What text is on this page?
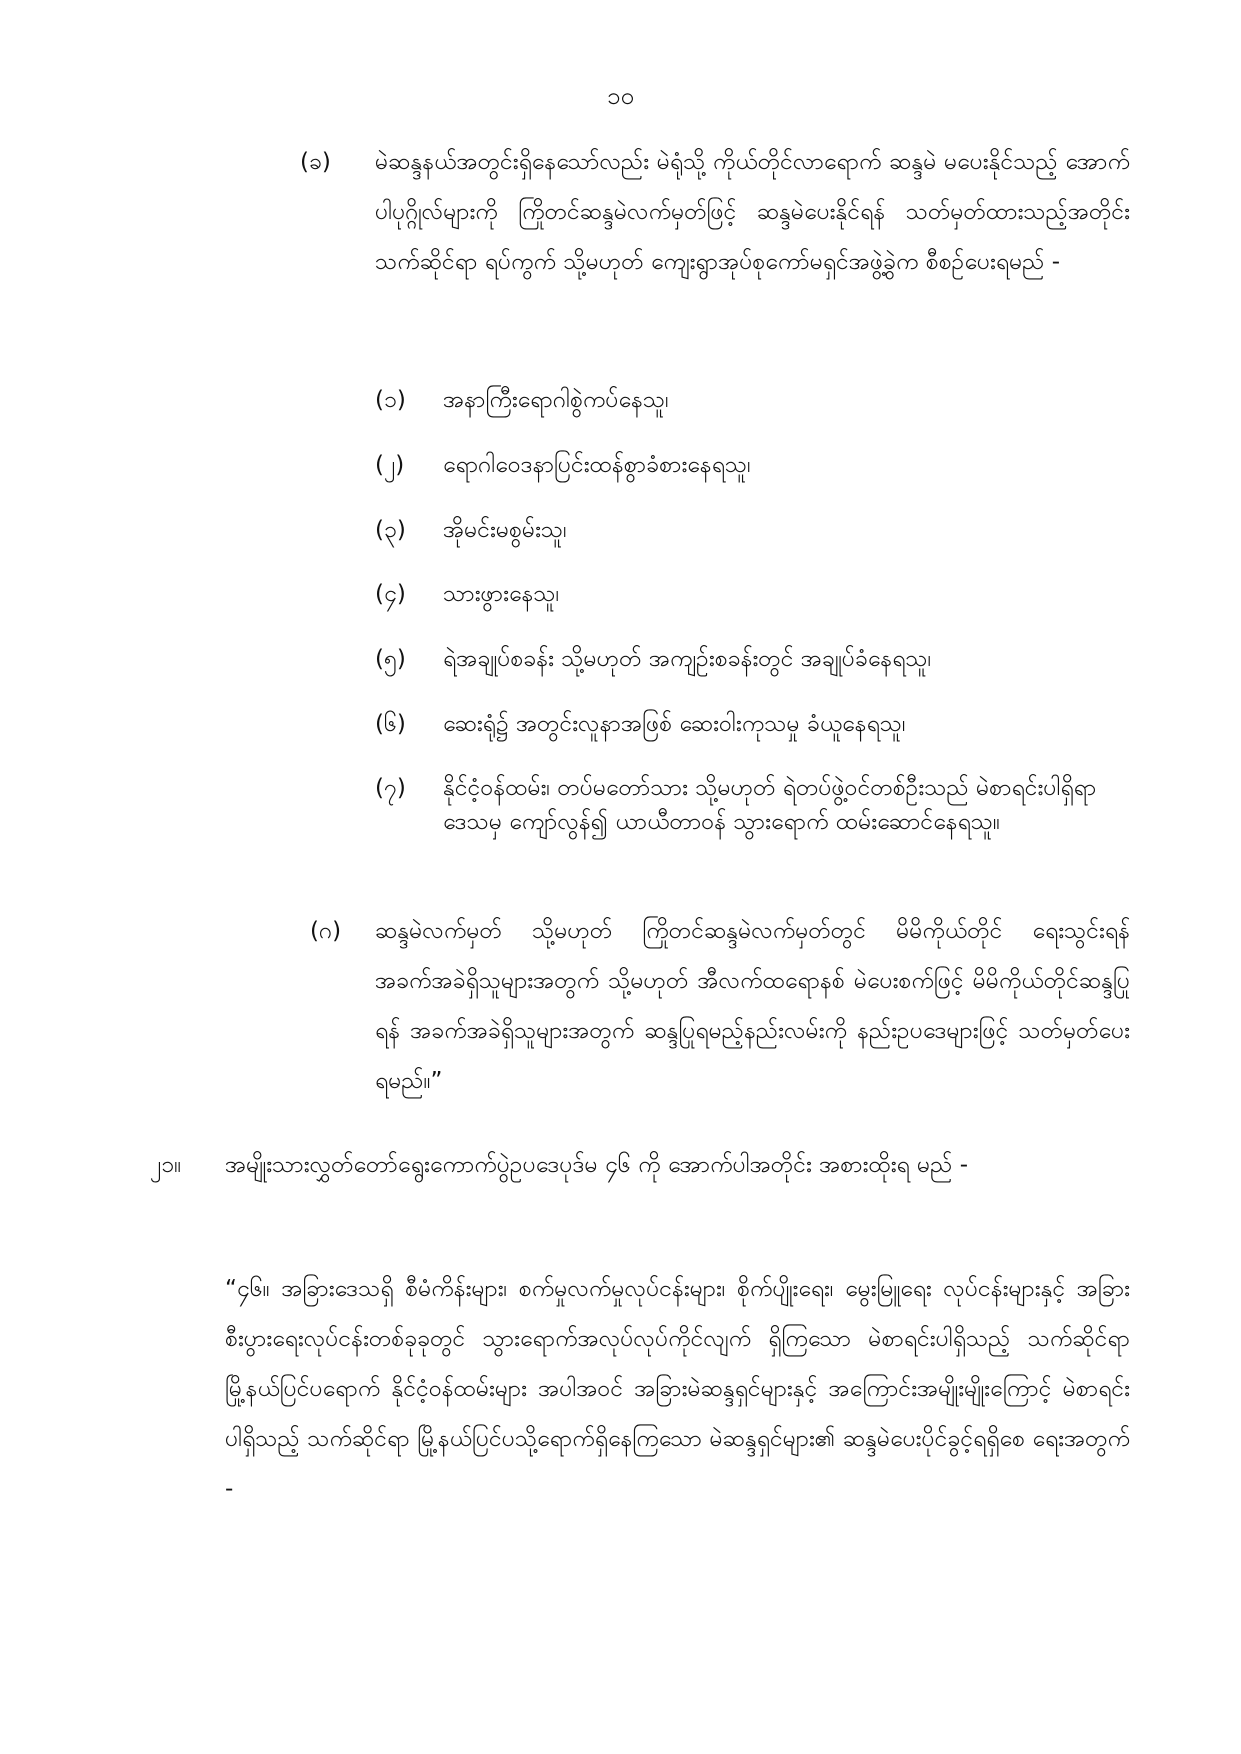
၁၀
(ခ) မဲဆန္ဒနယ်အတွင်းရှိနေသော်လည်း မဲရုံသို့ ကိုယ်တိုင်လာရောက် ဆန္ဒမဲ မပေးနိုင်သည့် အောက်ပါပုဂ္ဂိုလ်များကို ကြိုတင်ဆန္ဒမဲလက်မှတ်ဖြင့် ဆန္ဒမဲပေးနိုင်ရန် သတ်မှတ်ထားသည့်အတိုင်း သက်ဆိုင်ရာ ရပ်ကွက် သို့မဟုတ် ကျေးရွာအုပ်စုကော်မရှင်အဖွဲ့ခွဲက စီစဉ်ပေးရမည် -
(၁) အနာကြီးရောဂါစွဲကပ်နေသူ၊
(၂) ရောဂါဝေဒနာပြင်းထန်စွာခံစားနေရသူ၊
(၃) အိုမင်းမစွမ်းသူ၊
(၄) သားဖွားနေသူ၊
(၅) ရဲအချုပ်စခန်း သို့မဟုတ် အကျဉ်းစခန်းတွင် အချုပ်ခံနေရသူ၊
(၆) ဆေးရုံ၌ အတွင်းလူနာအဖြစ် ဆေးဝါးကုသမှု ခံယူနေရသူ၊
(၇) နိုင်ငံ့ဝန်ထမ်း၊ တပ်မတော်သား သို့မဟုတ် ရဲတပ်ဖွဲ့ဝင်တစ်ဦးသည် မဲစာရင်းပါရှိရာဒေသမှ ကျော်လွန်၍ ယာယီတာဝန် သွားရောက် ထမ်းဆောင်နေရသူ။
(ဂ) ဆန္ဒမဲလက်မှတ် သို့မဟုတ် ကြိုတင်ဆန္ဒမဲလက်မှတ်တွင် မိမိကိုယ်တိုင် ရေးသွင်းရန် အခက်အခဲရှိသူများအတွက် သို့မဟုတ် အီလက်ထရောနစ် မဲပေးစက်ဖြင့် မိမိကိုယ်တိုင်ဆန္ဒပြုရန် အခက်အခဲရှိသူများအတွက် ဆန္ဒပြုရမည့်နည်းလမ်းကို နည်းဥပဒေများဖြင့် သတ်မှတ်ပေးရမည်။”
၂၁။	အမျိုးသားလွှတ်တော်ရွေးကောက်ပွဲဥပဒေပုဒ်မ ၄၆ ကို အောက်ပါအတိုင်း အစားထိုးရ မည် -
“၄၆။ အခြားဒေသရှိ စီမံကိန်းများ၊ စက်မှုလက်မှုလုပ်ငန်းများ၊ စိုက်ပျိုးရေး၊ မွေးမြူရေး လုပ်ငန်းများနှင့် အခြားစီးပွားရေးလုပ်ငန်းတစ်ခုခုတွင် သွားရောက်အလုပ်လုပ်ကိုင်လျက် ရှိကြသော မဲစာရင်းပါရှိသည့် သက်ဆိုင်ရာ မြို့နယ်ပြင်ပရောက် နိုင်ငံ့ဝန်ထမ်းများ အပါအဝင် အခြားမဲဆန္ဒရှင်များနှင့် အကြောင်းအမျိုးမျိုးကြောင့် မဲစာရင်းပါရှိသည့် သက်ဆိုင်ရာ မြို့နယ်ပြင်ပသို့ရောက်ရှိနေကြသော မဲဆန္ဒရှင်များ၏ ဆန္ဒမဲပေးပိုင်ခွင့်ရရှိစေ ရေးအတွက် -
